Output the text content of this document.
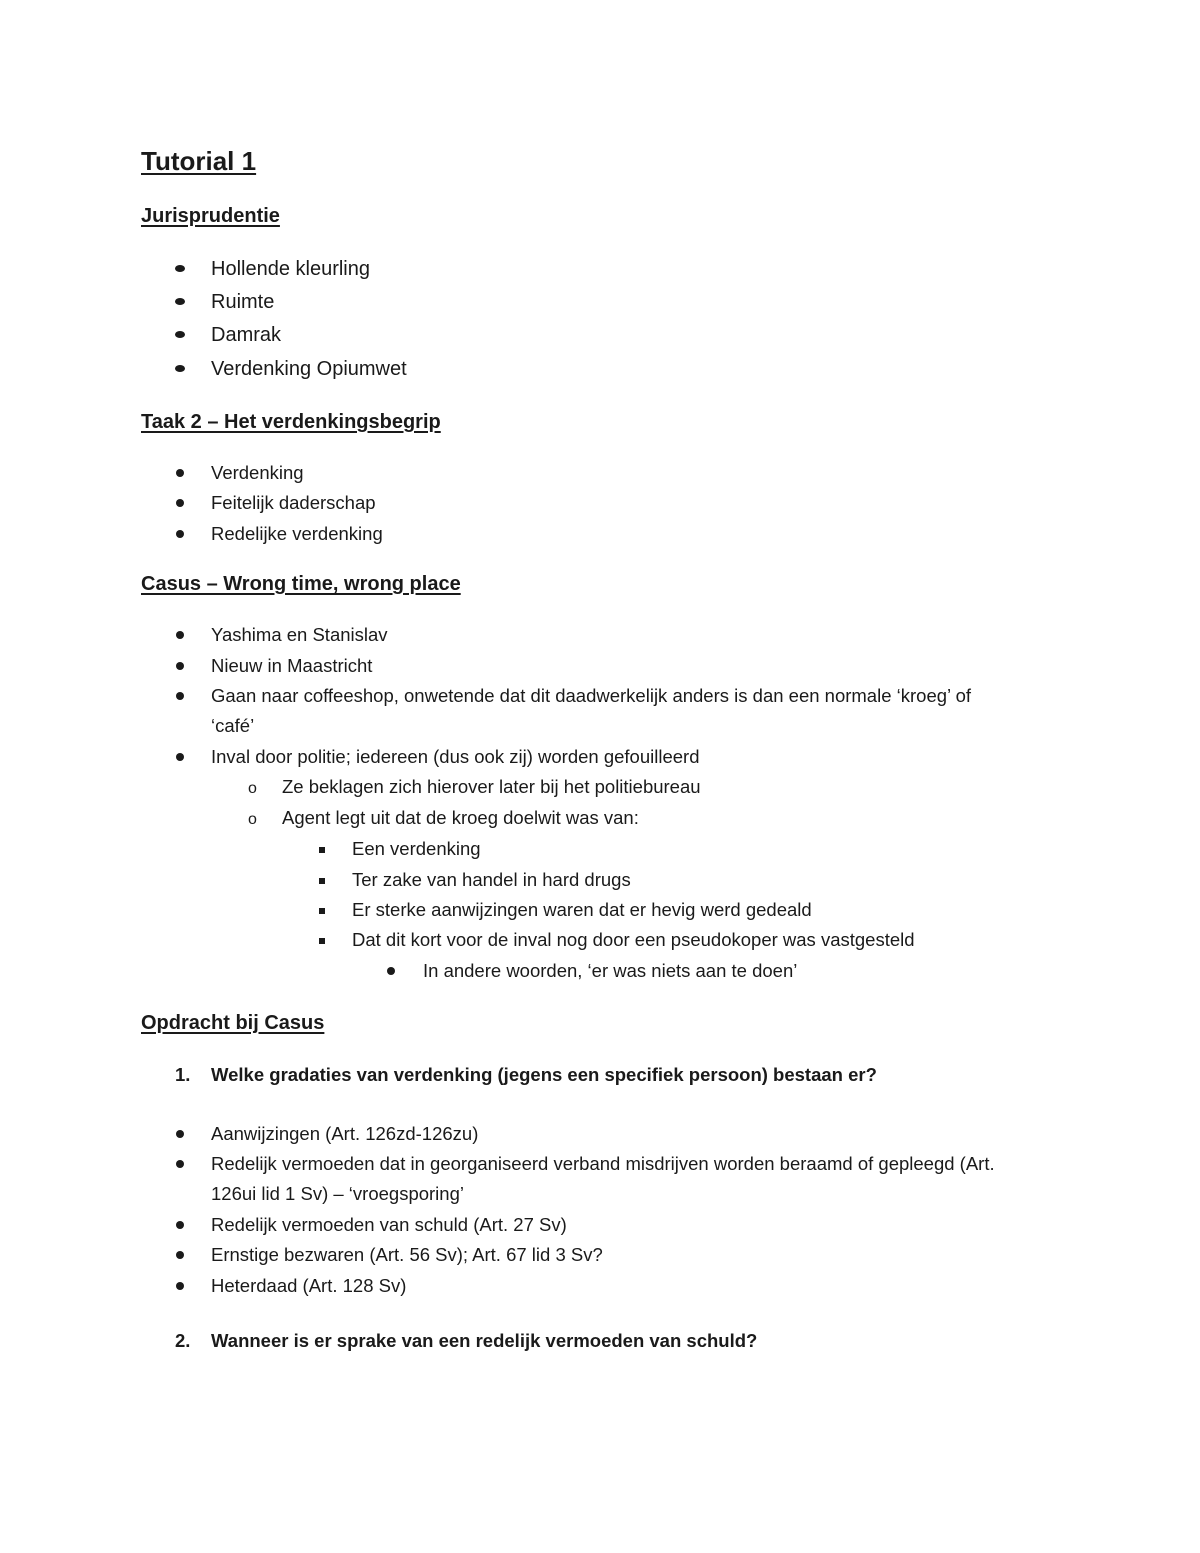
Tutorial 1
Jurisprudentie
Hollende kleurling
Ruimte
Damrak
Verdenking Opiumwet
Taak 2 – Het verdenkingsbegrip
Verdenking
Feitelijk daderschap
Redelijke verdenking
Casus – Wrong time, wrong place
Yashima en Stanislav
Nieuw in Maastricht
Gaan naar coffeeshop, onwetende dat dit daadwerkelijk anders is dan een normale ‘kroeg’ of
‘café’
Inval door politie; iedereen (dus ook zij) worden gefouilleerd
o Ze beklagen zich hierover later bij het politiebureau
o Agent legt uit dat de kroeg doelwit was van:
Een verdenking
Ter zake van handel in hard drugs
Er sterke aanwijzingen waren dat er hevig werd gedeald
Dat dit kort voor de inval nog door een pseudokoper was vastgesteld
In andere woorden, ‘er was niets aan te doen’
Opdracht bij Casus
1. Welke gradaties van verdenking (jegens een specifiek persoon) bestaan er?
Aanwijzingen (Art. 126zd-126zu)
Redelijk vermoeden dat in georganiseerd verband misdrijven worden beraamd of gepleegd (Art.
126ui lid 1 Sv) – ‘vroegsporing’
Redelijk vermoeden van schuld (Art. 27 Sv)
Ernstige bezwaren (Art. 56 Sv); Art. 67 lid 3 Sv?
Heterdaad (Art. 128 Sv)
2. Wanneer is er sprake van een redelijk vermoeden van schuld?
